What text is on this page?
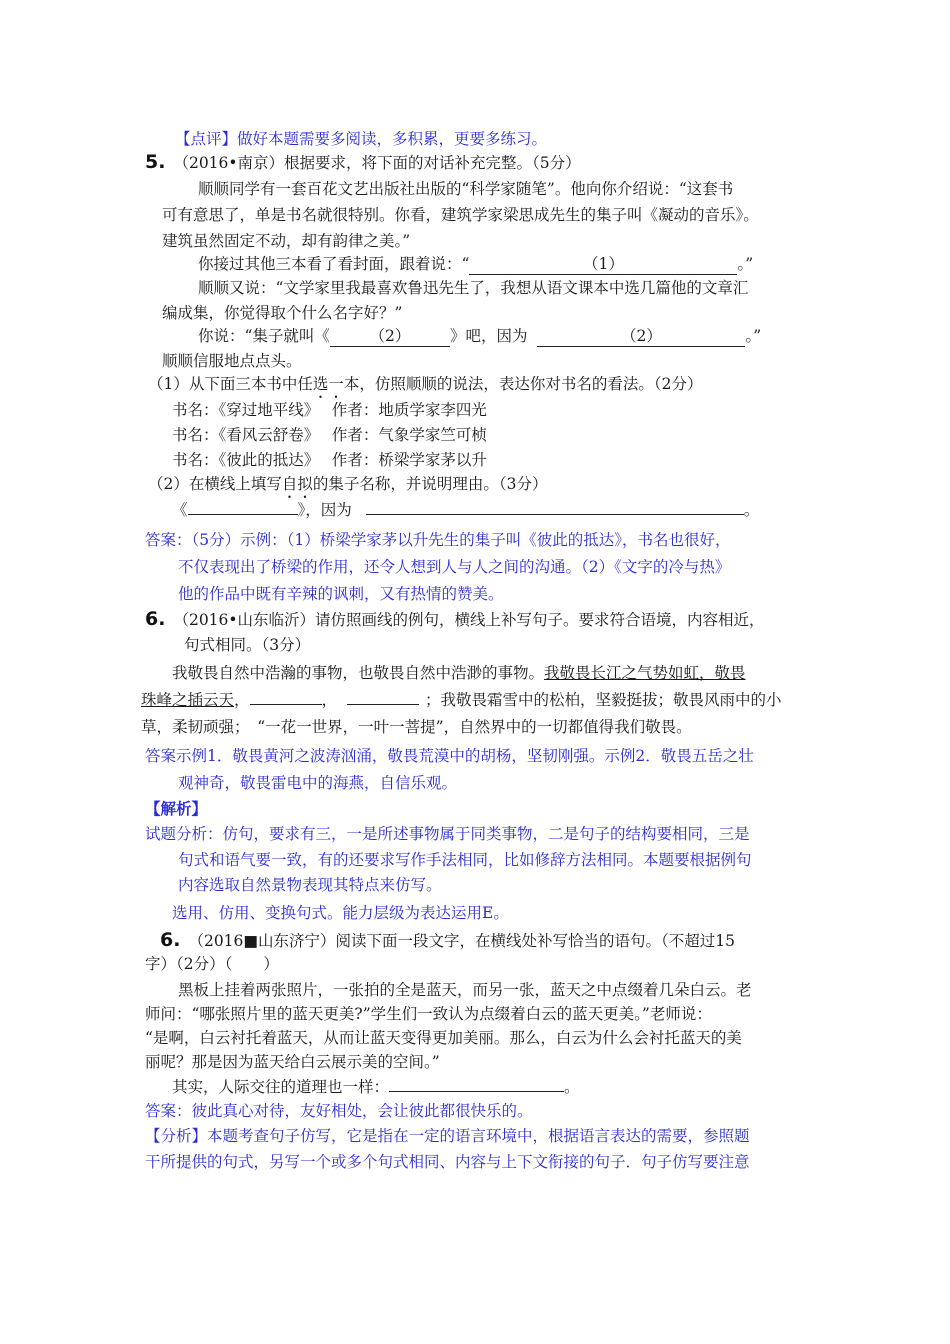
【点评】做好本题需要多阅读，多积累，更要多练习。
5. （2016•南京）根据要求，将下面的对话补充完整。（5分）
顺顺同学有一套百花文艺出版社出版的“科学家随笔”。他向你介绍说：“这套书
可有意思了，单是书名就很特别。你看，建筑学家梁思成先生的集子叫《凝动的音乐》。
建筑虽然固定不动，却有韵律之美。”
你接过其他三本看了看封面，跟着说：“	（1）	。”
顺顺又说：“文学家里我最喜欢鲁迅先生了，我想从语文课本中选几篇他的文章汇
编成集，你觉得取个什么名字好？”
你说：“集子就叫《	（2）	》吧，因为	（2）	。”
顺顺信服地点点头。
（1）从下面三本书中任选一本，仿照顺顺的说法，表达你对书名的看法。（2分）
书名：《穿过地平线》　 作者：地质学家李四光
书名：《看风云舒卷》　 作者：气象学家竺可桢
书名：《彼此的抵达》　 作者：桥梁学家茅以升
（2）在横线上填写自拟的集子名称，并说明理由。（3分）
《	》，因为	。
答案：（5分）示例：（1）桥梁学家茅以升先生的集子叫《彼此的抵达》，书名也很好，
不仅表现出了桥梁的作用，还令人想到人与人之间的沟通。（2）《文字的冷与热》
他的作品中既有辛辣的讽刺，又有热情的赞美。
6. （2016•山东临沂）请仿照画线的例句，横线上补写句子。要求符合语境，内容相近，
句式相同。（3分）
我敬畏自然中浩瀚的事物，也敬畏自然中浩渺的事物。我敬畏长江之气势如虹，敬畏
珠峰之插云天，	，	；我敬畏霜雪中的松柏，坚毅挺拔；敬畏风雨中的小
草，柔韧顽强；　“一花一世界，一叶一菩提”，自然界中的一切都值得我们敬畏。
答案示例1．敬畏黄河之波涛汹涌，敬畏荒漠中的胡杨，坚韧刚强。示例2．敬畏五岳之壮
观神奇，敬畏雷电中的海燕，自信乐观。
【解析】
试题分析：仿句，要求有三，一是所述事物属于同类事物，二是句子的结构要相同，三是
句式和语气要一致，有的还要求写作手法相同，比如修辞方法相同。本题要根据例句
内容选取自然景物表现其特点来仿写。
选用、仿用、变换句式。能力层级为表达运用E。
6. （2016■山东济宁）阅读下面一段文字，在横线处补写恰当的语句。（不超过15
字）（2分）（　　）
黑板上挂着两张照片，一张拍的全是蓝天，而另一张，蓝天之中点缀着几朵白云。老
师问：“哪张照片里的蓝天更美?”学生们一致认为点缀着白云的蓝天更美。”老师说：
“是啊，白云衬托着蓝天，从而让蓝天变得更加美丽。那么，白云为什么会衬托蓝天的美
丽呢？那是因为蓝天给白云展示美的空间。”
其实，人际交往的道理也一样：	。
答案：彼此真心对待，友好相处，会让彼此都很快乐的。
【分析】本题考查句子仿写，它是指在一定的语言环境中，根据语言表达的需要，参照题
干所提供的句式，另写一个或多个句式相同、内容与上下文衔接的句子．句子仿写要注意
